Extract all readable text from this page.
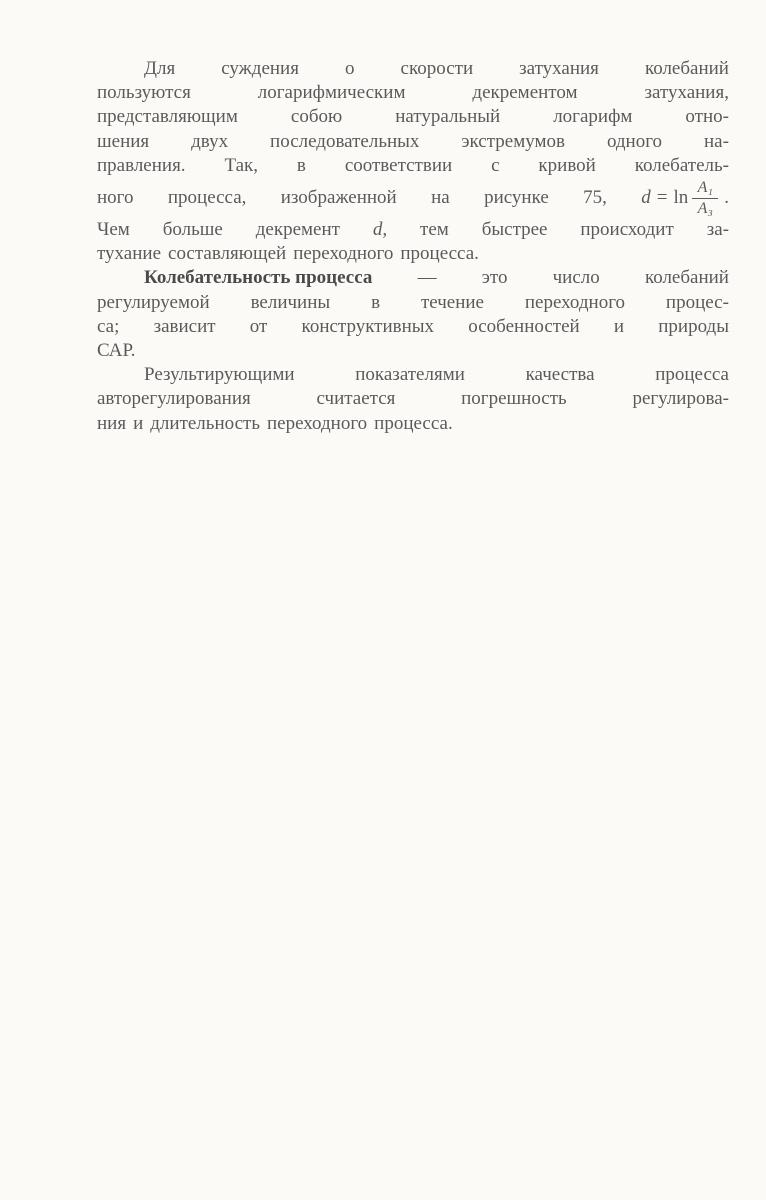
Для суждения о скорости затухания колебаний
пользуются	логарифмическим	декрементом	затухания,
представляющим	собою	натуральный	логарифм	отно-
шения двух последовательных экстремумов одного на-
правления. Так, в соответствии с кривой колебатель-
ного процесса, изображенной на рисунке 75, $d = \ln \frac{\text{A₁}}{\text{A₃}}$ .
Чем больше декремент d, тем быстрее происходит за-
тухание составляющей переходного процесса.
Колебательность процесса — это число колебаний
регулируемой величины в течение переходного процес-
са; зависит от конструктивных особенностей и природы
САР.
Результирующими	показателями	качества	процесса
авторегулирования	считается	погрешность	регулирова-
ния и длительность переходного процесса.
